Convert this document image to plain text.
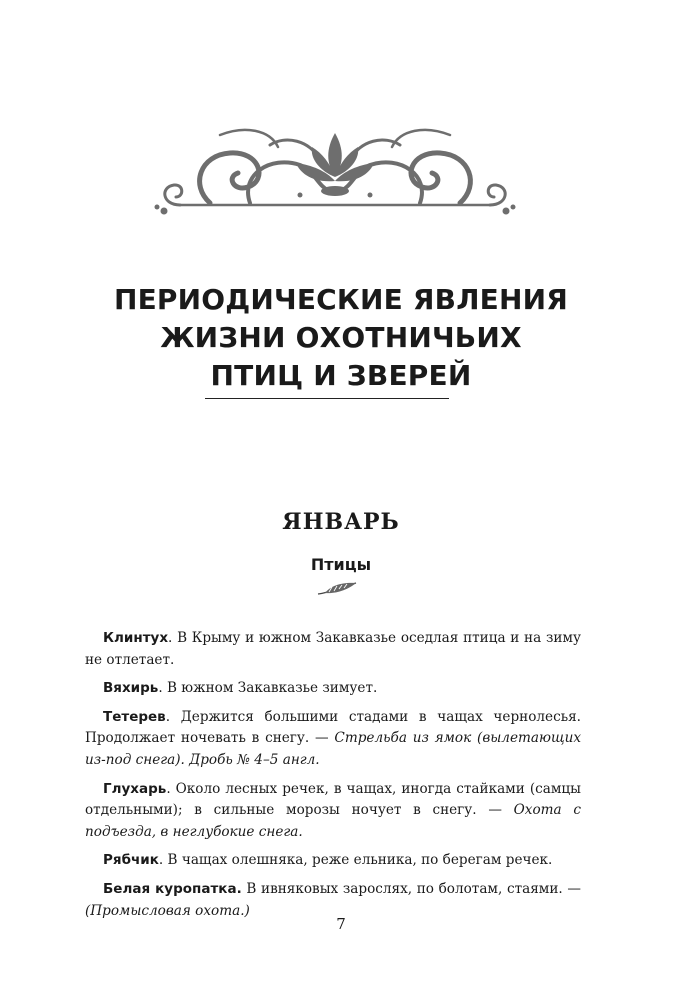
ПЕРИОДИЧЕСКИЕ ЯВЛЕНИЯ
ЖИЗНИ ОХОТНИЧЬИХ
ПТИЦ И ЗВЕРЕЙ
ЯНВАРЬ
Птицы

Клинтух. В Крыму и южном Закавказье оседлая птица и на зиму не отлетает.

Вяхирь. В южном Закавказье зимует.

Тетерев. Держится большими стадами в чащах чернолесья. Продолжает ночевать в снегу. — Стрельба из ямок (вылетающих из-под снега). Дробь № 4–5 англ.

Глухарь. Около лесных речек, в чащах, иногда стайками (самцы отдельными); в сильные морозы ночует в снегу. — Охота с подъезда, в неглубокие снега.

Рябчик. В чащах олешняка, реже ельника, по берегам речек.

Белая куропатка. В ивняковых зарослях, по болотам, стаями. — (Промысловая охота.)

7
